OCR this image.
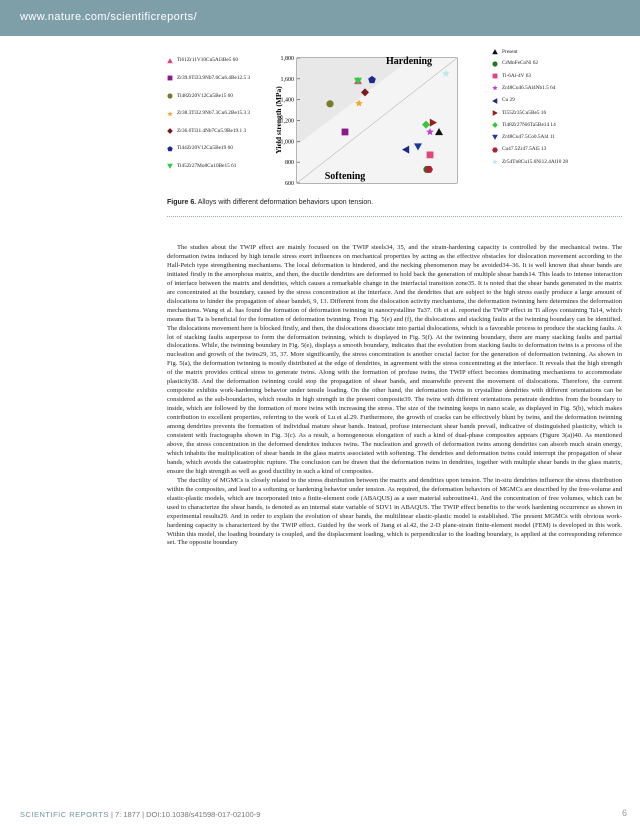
www.nature.com/scientificreports/
Ti61Zr11V10Cu5Al3Be5 60
Zr39.6Ti33.9Nb7.6Cu6.4Be12.5 3
Ti48Zr20V12Cu5Be15 60
Zr38.3Ti32.9Nb7.3Cu6.2Be15.3 3
Zr36.6Ti31.4Nb7Cu5.9Be19.1 3
Ti44Zr20V12Cu5Be19 60
Ti45Zr27Mo8Cu10Be15 61
1,800
1,600
1,400
1,200
1,000
800
600
Yield strength (MPa)
Hardening
Softening
Present
CrMnFeCoNi 62
Ti-6Al-4V 63
Zr48Cu46.5Al4Nb1.5 64
Cu 29
Ti55Zr35Cu5Be5 16
Ti48Zr27Ni6Ta5Be14 14
Zr48Cu47.5Co0.5Al4 11
Cu47.5Zr47.5Al5 13
Zr54Tn8Cu15.6Ni12.4Al10 28
Figure 6. Alloys with different deformation behaviors upon tension.

The studies about the TWIP effect are mainly focused on the TWIP steels34, 35, and the strain-hardening capacity is controlled by the mechanical twins. The deformation twins induced by high tensile stress exert influences on mechanical properties by acting as the effective obstacles for dislocation movement according to the Hall-Petch type strengthening mechanisms. The local deformation is hindered, and the necking phenomenon may be avoided34–36. It is well known that shear bands are initiated firstly in the amorphous matrix, and then, the ductile dendrites are deformed to hold back the generation of multiple shear bands14. This leads to intense interaction of interface between the matrix and dendrites, which causes a remarkable change in the interfacial transition zone35. It is noted that the shear bands generated in the matrix are concentrated at the boundary, caused by the stress concentration at the interface. And the dendrites that are subject to the high stress easily produce a large amount of dislocations to hinder the propagation of shear bands6, 9, 13. Different from the dislocation activity mechanisms, the deformation twinning here determines the deformation mechanisms. Wang et al. has found the formation of deformation twinning in nanocrystalline Ta37. Oh et al. reported the TWIP effect in Ti alloys containing Ta14, which means that Ta is beneficial for the formation of deformation twinning. From Fig. 5(e) and (f), the dislocations and stacking faults at the twinning boundary can be identified. The dislocations movement here is blocked firstly, and then, the dislocations dissociate into partial dislocations, which is a favorable process to produce the stacking faults. A lot of stacking faults superpose to form the deformation twinning, which is displayed in Fig. 5(f). At the twinning boundary, there are many stacking faults and partial dislocations. While, the twinning boundary in Fig. 5(e), displays a smooth boundary, indicates that the evolution from stacking faults to deformation twins is a process of the nucleation and growth of the twins29, 35, 37. More significantly, the stress concentration is another crucial factor for the generation of deformation twinning. As shown in Fig. 5(a), the deformation twinning is mostly distributed at the edge of dendrites, in agreement with the stress concentrating at the interface. It reveals that the high strength of the matrix provides critical stress to generate twins. Along with the formation of profuse twins, the TWIP effect becomes dominating mechanisms to accommodate plasticity38. And the deformation twinning could stop the propagation of shear bands, and meanwhile prevent the movement of dislocations. Therefore, the current composite exhibits work-hardening behavior under tensile loading. On the other hand, the deformation twins in crystalline dendrites with different orientations can be considered as the sub-boundaries, which results in high strength in the present composite39. The twins with different orientations penetrate dendrites from the boundary to inside, which are followed by the formation of more twins with increasing the stress. The size of the twinning keeps in nano scale, as displayed in Fig. 5(b), which makes contribution to excellent properties, referring to the work of Lu et al.29. Furthermore, the growth of cracks can be effectively blunt by twins, and the deformation twinning among dendrites prevents the formation of individual mature shear bands. Instead, profuse intersectant shear bands prevail, indicative of distinguished plasticity, which is consistent with fractographs shown in Fig. 3(c). As a result, a homogeneous elongation of such a kind of dual-phase composites appears (Figure 3(a))40. As mentioned above, the stress concentration in the deformed dendrites induces twins. The nucleation and growth of deformation twins among dendrites can absorb much strain energy, which inhabits the multiplication of shear bands in the glass matrix associated with softening. The dendrites and deformation twins could interrupt the propagation of shear bands, which avoids the catastrophic rupture. The conclusion can be drawn that the deformation twins in dendrites, together with multiple shear bands in the glass matrix, ensure the high strength as well as good ductility in such a kind of composites.

The ductility of MGMCs is closely related to the stress distribution between the matrix and dendrites upon tension. The in-situ dendrites influence the stress distribution within the composites, and lead to a softening or hardening behavior under tension. As required, the deformation behaviors of MGMCs are described by the free-volume and elastic-plastic models, which are incorporated into a finite-element code (ABAQUS) as a user material subroutine41. And the concentration of free volumes, which can be used to characterize the shear bands, is denoted as an internal state variable of SDV1 in ABAQUS. The TWIP effect benefits to the work hardening occurrence as shown in experimental results29. And in order to explain the evolution of shear bands, the multilinear elastic-plastic model is established. The present MGMCs with obvious work-hardening capacity is characterized by the TWIP effect. Guided by the work of Jiang et al.42, the 2-D plane-strain finite-element model (FEM) is developed in this work. Within this model, the loading boundary is coupled, and the displacement loading, which is perpendicular to the loading boundary, is applied at the corresponding reference set. The opposite boundary

SCIENTIFIC REPORTS | 7: 1877 | DOI:10.1038/s41598-017-02100-9	6
